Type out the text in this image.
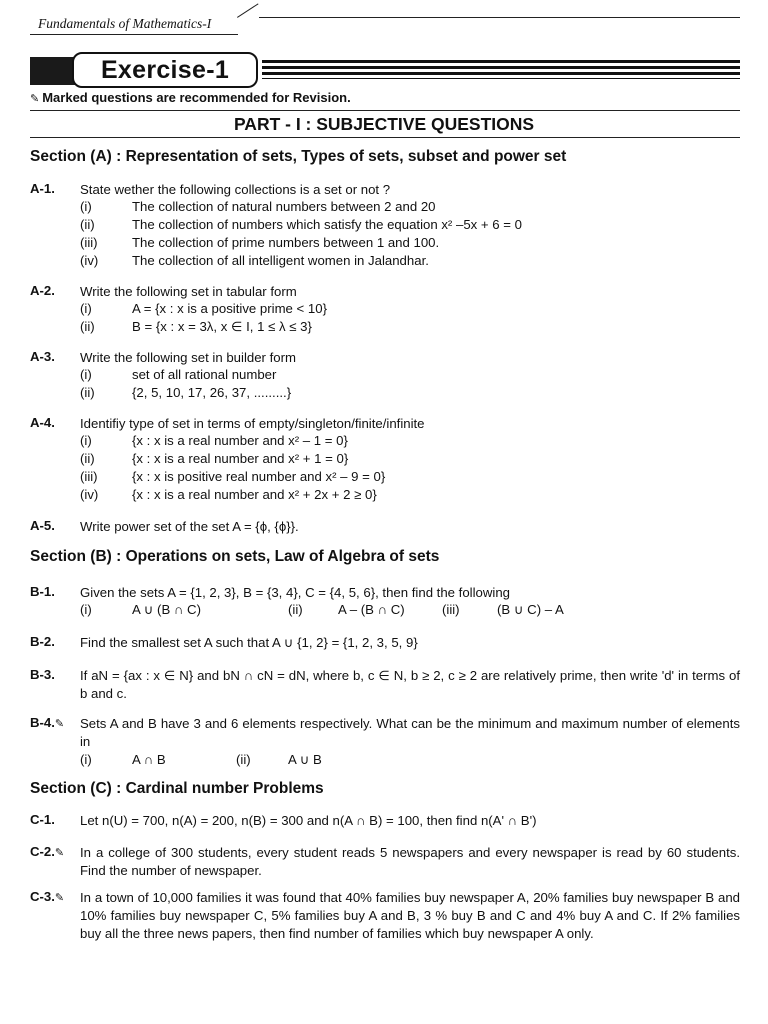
Fundamentals of Mathematics-I
Exercise-1
✎ Marked questions are recommended for Revision.
PART - I : SUBJECTIVE QUESTIONS
Section (A) : Representation of sets, Types of sets, subset and power set
A-1. State wether the following collections is a set or not ?
(i)	The collection of natural numbers between 2 and 20
(ii)	The collection of numbers which satisfy the equation x² –5x + 6 = 0
(iii)	The collection of prime numbers between 1 and 100.
(iv)	The collection of all intelligent women in Jalandhar.
A-2. Write the following set in tabular form
(i)	A = {x : x is a positive prime < 10}
(ii)	B = {x : x = 3λ, x ∈ I, 1 ≤ λ ≤ 3}
A-3. Write the following set in builder form
(i)	set of all rational number
(ii)	{2, 5, 10, 17, 26, 37, .........}
A-4. Identifiy type of set in terms of empty/singleton/finite/infinite
(i)	{x : x is a real number and x² – 1 = 0}
(ii)	{x : x is a real number and x² + 1 = 0}
(iii)	{x : x is positive real number and x² – 9 = 0}
(iv)	{x : x is a real number and x² + 2x + 2 ≥ 0}
A-5. Write power set of the set A = {ϕ, {ϕ}}.
Section (B) : Operations on sets, Law of Algebra of sets
B-1. Given the sets A = {1, 2, 3}, B = {3, 4}, C = {4, 5, 6}, then find the following
(i)	A ∪ (B ∩ C)	(ii)	A – (B ∩ C)	(iii)	(B ∪ C) – A
B-2. Find the smallest set A such that A ∪ {1, 2} = {1, 2, 3, 5, 9}
B-3. If aN = {ax : x ∈ N} and bN ∩ cN = dN, where b, c ∈ N, b ≥ 2, c ≥ 2 are relatively prime, then write 'd' in terms of b and c.
B-4.✎ Sets A and B have 3 and 6 elements respectively. What can be the minimum and maximum number of elements in
(i)	A ∩ B	(ii)	A ∪ B
Section (C) : Cardinal number Problems
C-1. Let n(U) = 700, n(A) = 200, n(B) = 300 and n(A ∩ B) = 100, then find n(A' ∩ B')
C-2.✎ In a college of 300 students, every student reads 5 newspapers and every newspaper is read by 60 students. Find the number of newspaper.
C-3.✎ In a town of 10,000 families it was found that 40% families buy newspaper A, 20% families buy newspaper B and 10% families buy newspaper C, 5% families buy A and B, 3 % buy B and C and 4% buy A and C. If 2% families buy all the three news papers, then find number of families which buy newspaper A only.
